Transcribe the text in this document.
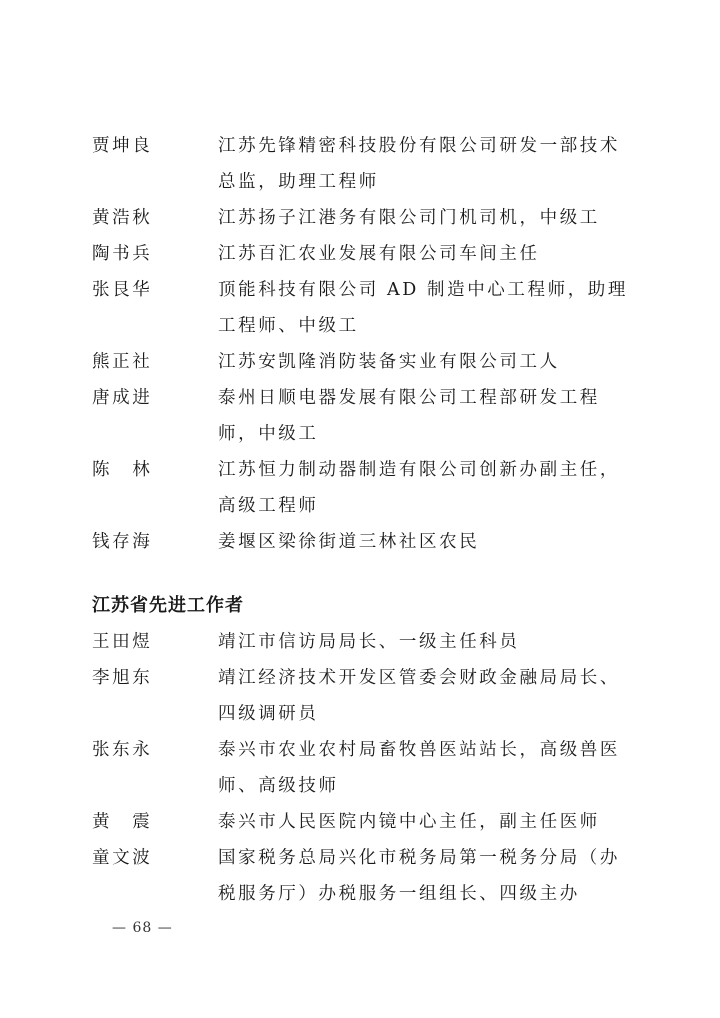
贾坤良	江苏先锋精密科技股份有限公司研发一部技术
总监，助理工程师
黄浩秋	江苏扬子江港务有限公司门机司机，中级工
陶书兵	江苏百汇农业发展有限公司车间主任
张艮华	顶能科技有限公司 AD 制造中心工程师，助理
工程师、中级工
熊正社	江苏安凯隆消防装备实业有限公司工人
唐成进	泰州日顺电器发展有限公司工程部研发工程
师，中级工
陈　林	江苏恒力制动器制造有限公司创新办副主任，
高级工程师
钱存海	姜堰区梁徐街道三林社区农民
江苏省先进工作者
王田煜	靖江市信访局局长、一级主任科员
李旭东	靖江经济技术开发区管委会财政金融局局长、
四级调研员
张东永	泰兴市农业农村局畜牧兽医站站长，高级兽医
师、高级技师
黄　震	泰兴市人民医院内镜中心主任，副主任医师
童文波	国家税务总局兴化市税务局第一税务分局（办
税服务厅）办税服务一组组长、四级主办
— 68 —
